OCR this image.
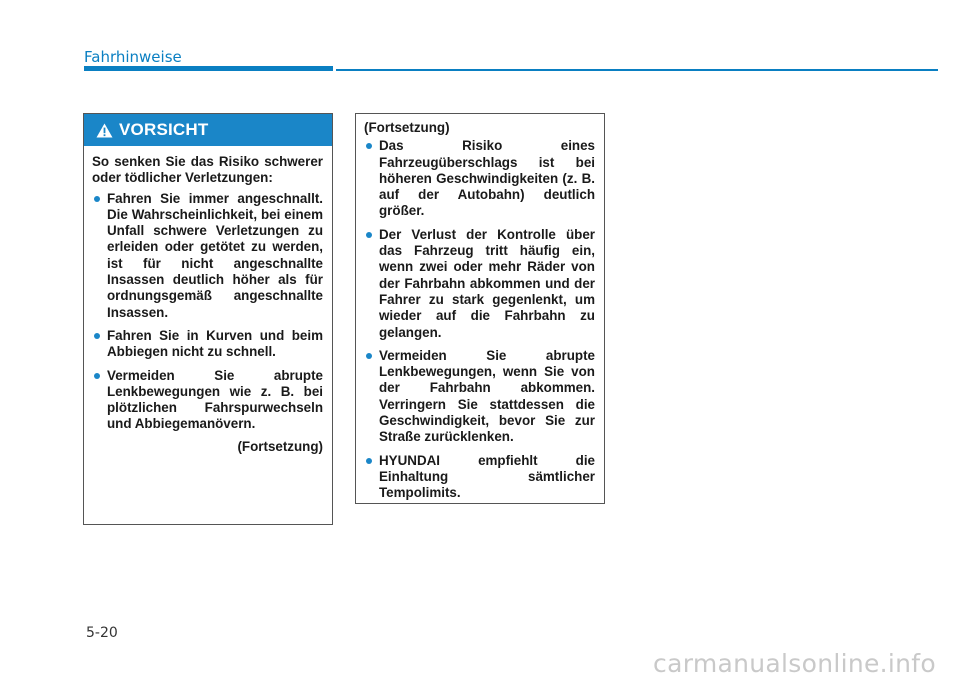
Fahrhinweise
VORSICHT

So senken Sie das Risiko schwerer oder tödlicher Verletzungen:

Fahren Sie immer angeschnallt. Die Wahrscheinlichkeit, bei einem Unfall schwere Verletzungen zu erleiden oder getötet zu werden, ist für nicht angeschnallte Insassen deutlich höher als für ordnungsgemäß angeschnallte Insassen.
Fahren Sie in Kurven und beim Abbiegen nicht zu schnell.
Vermeiden Sie abrupte Lenkbewegungen wie z. B. bei plötzlichen Fahrspurwechseln und Abbiegemanövern.
(Fortsetzung)

(Fortsetzung)

Das Risiko eines Fahrzeugüberschlags ist bei höheren Geschwindigkeiten (z. B. auf der Autobahn) deutlich größer.
Der Verlust der Kontrolle über das Fahrzeug tritt häufig ein, wenn zwei oder mehr Räder von der Fahrbahn abkommen und der Fahrer zu stark gegenlenkt, um wieder auf die Fahrbahn zu gelangen.
Vermeiden Sie abrupte Lenkbewegungen, wenn Sie von der Fahrbahn abkommen. Verringern Sie stattdessen die Geschwindigkeit, bevor Sie zur Straße zurücklenken.
HYUNDAI empfiehlt die Einhaltung sämtlicher Tempolimits.
5-20
carmanualsonline.info
